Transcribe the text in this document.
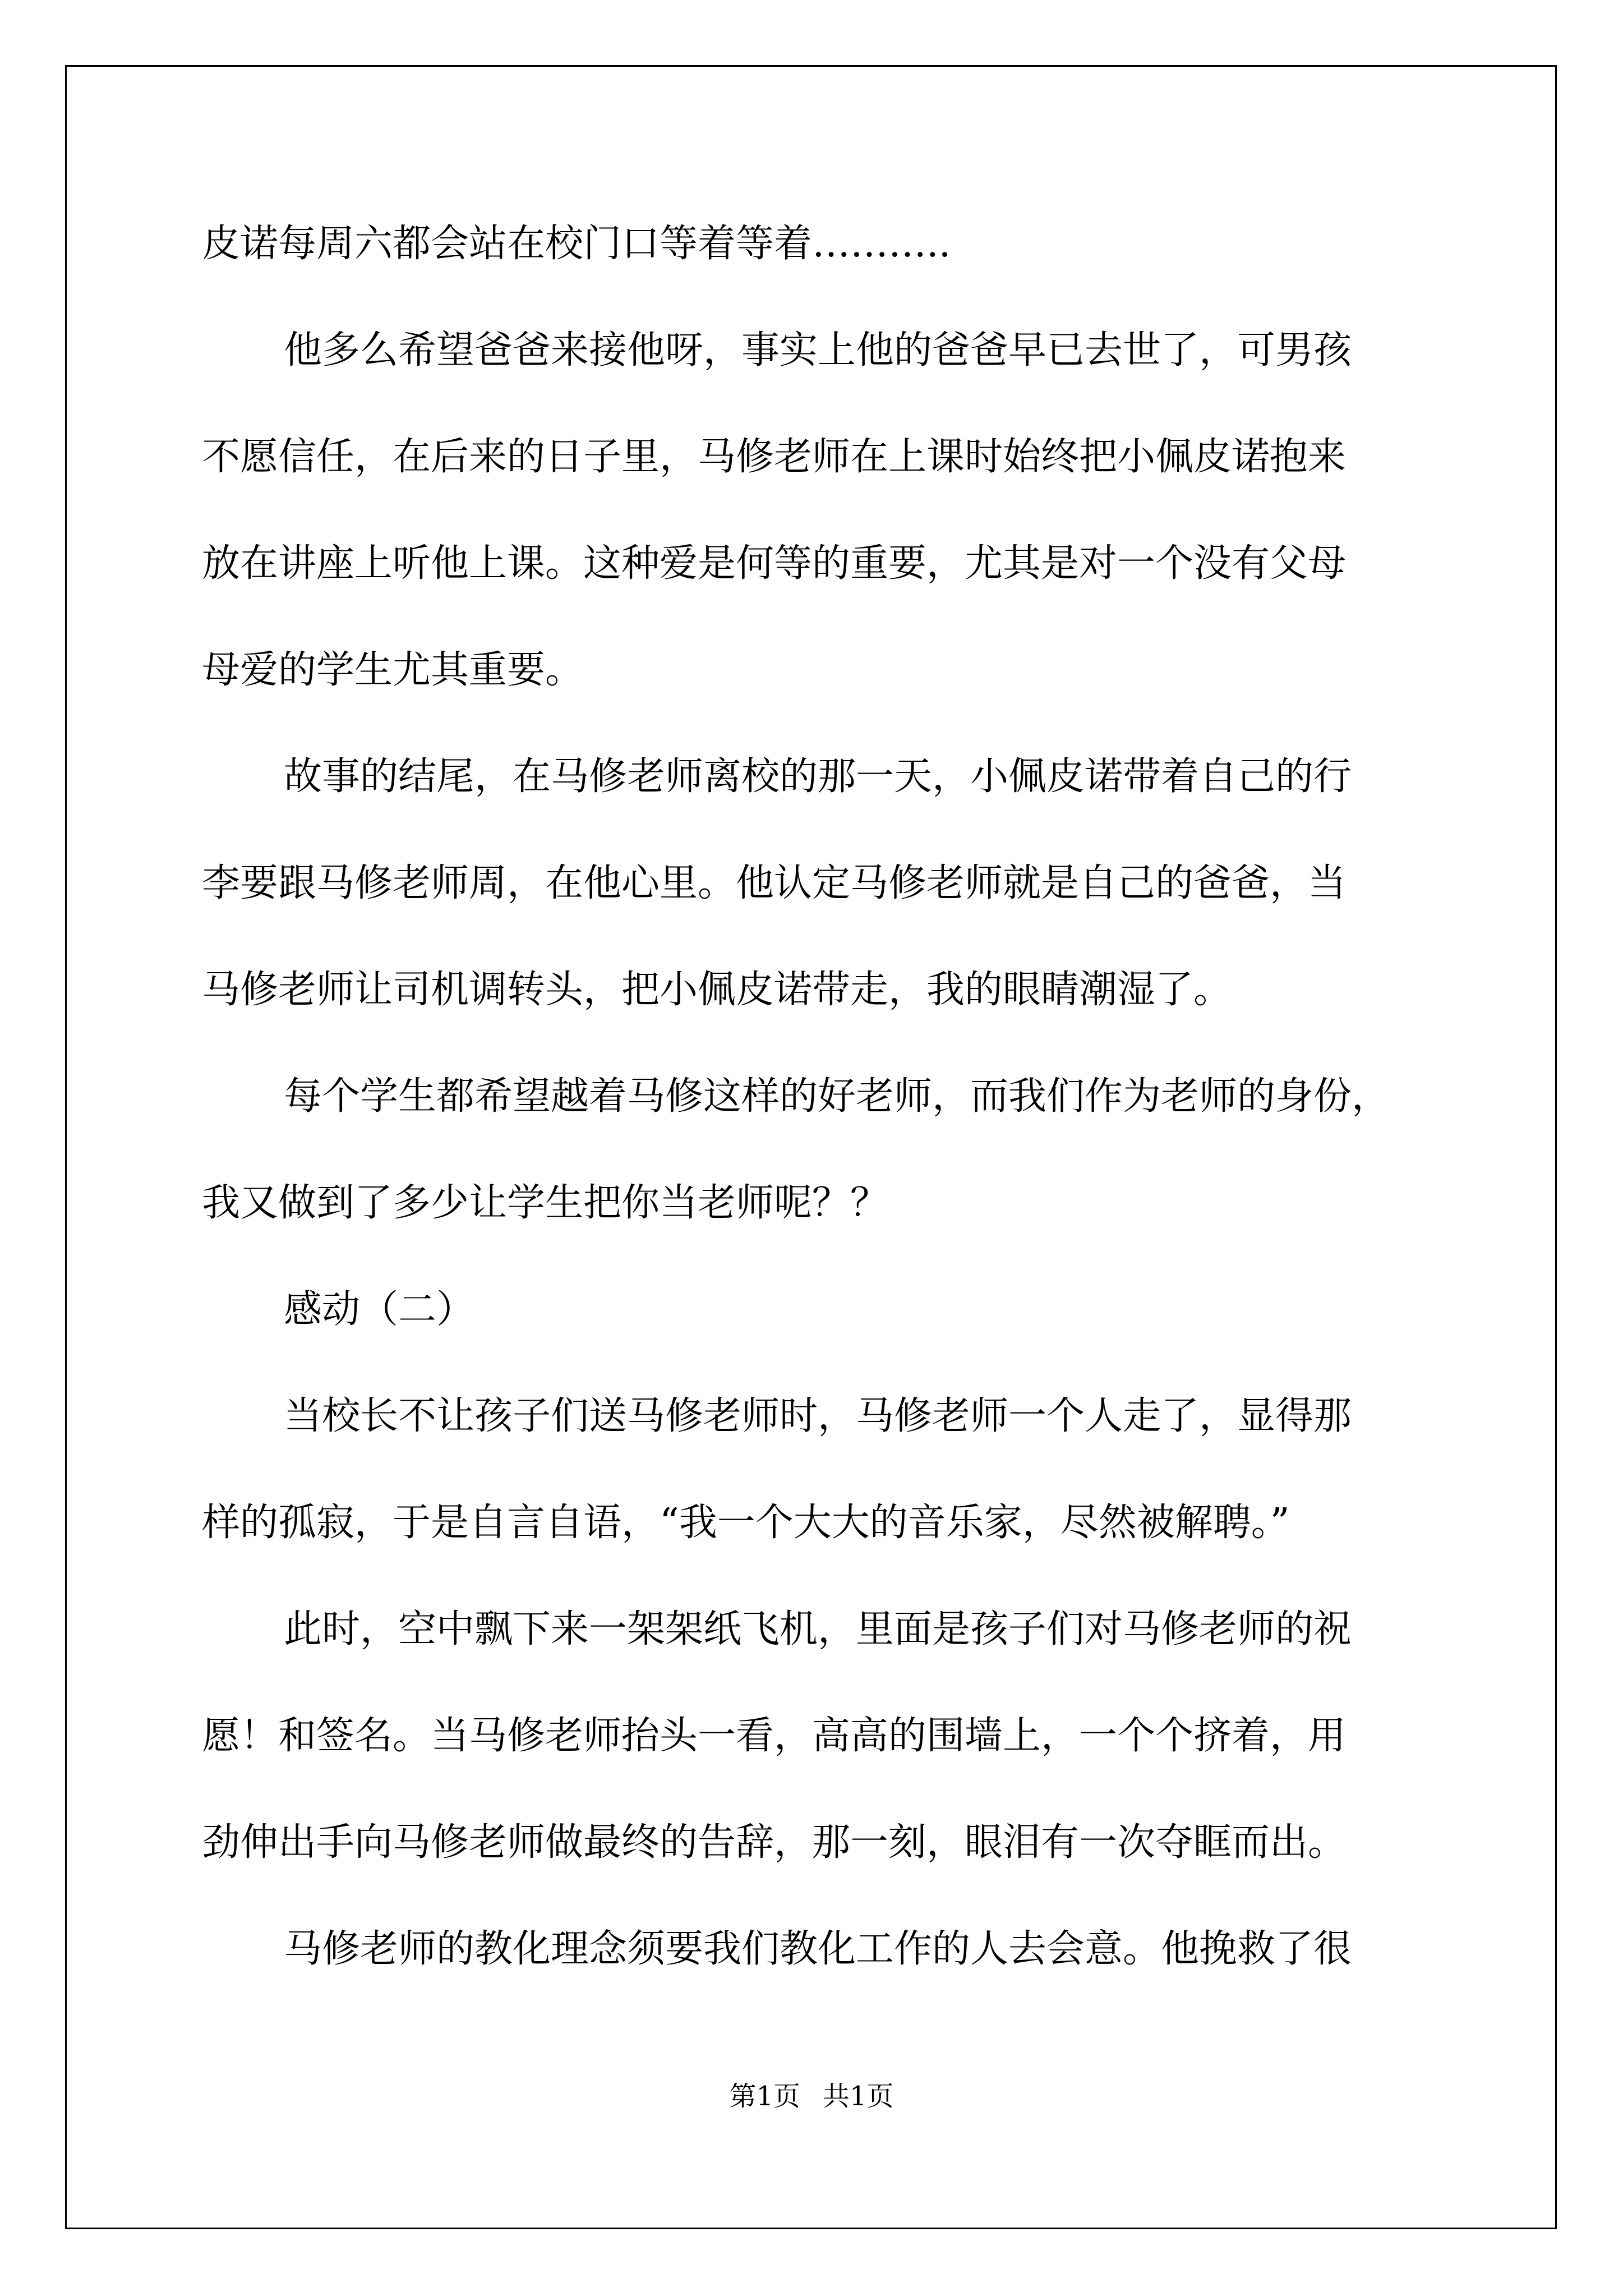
皮诺每周六都会站在校门口等着等着………..
他多么希望爸爸来接他呀，事实上他的爸爸早已去世了，可男孩
不愿信任，在后来的日子里，马修老师在上课时始终把小佩皮诺抱来
放在讲座上听他上课。这种爱是何等的重要，尤其是对一个没有父母
母爱的学生尤其重要。
故事的结尾，在马修老师离校的那一天，小佩皮诺带着自己的行
李要跟马修老师周，在他心里。他认定马修老师就是自己的爸爸，当
马修老师让司机调转头，把小佩皮诺带走，我的眼睛潮湿了。
每个学生都希望越着马修这样的好老师，而我们作为老师的身份，
我又做到了多少让学生把你当老师呢？？
感动（二）
当校长不让孩子们送马修老师时，马修老师一个人走了，显得那
样的孤寂，于是自言自语，“我一个大大的音乐家，尽然被解聘。”
此时，空中飘下来一架架纸飞机，里面是孩子们对马修老师的祝
愿！和签名。当马修老师抬头一看，高高的围墙上，一个个挤着，用
劲伸出手向马修老师做最终的告辞，那一刻，眼泪有一次夺眶而出。
马修老师的教化理念须要我们教化工作的人去会意。他挽救了很
第1页 共1页
